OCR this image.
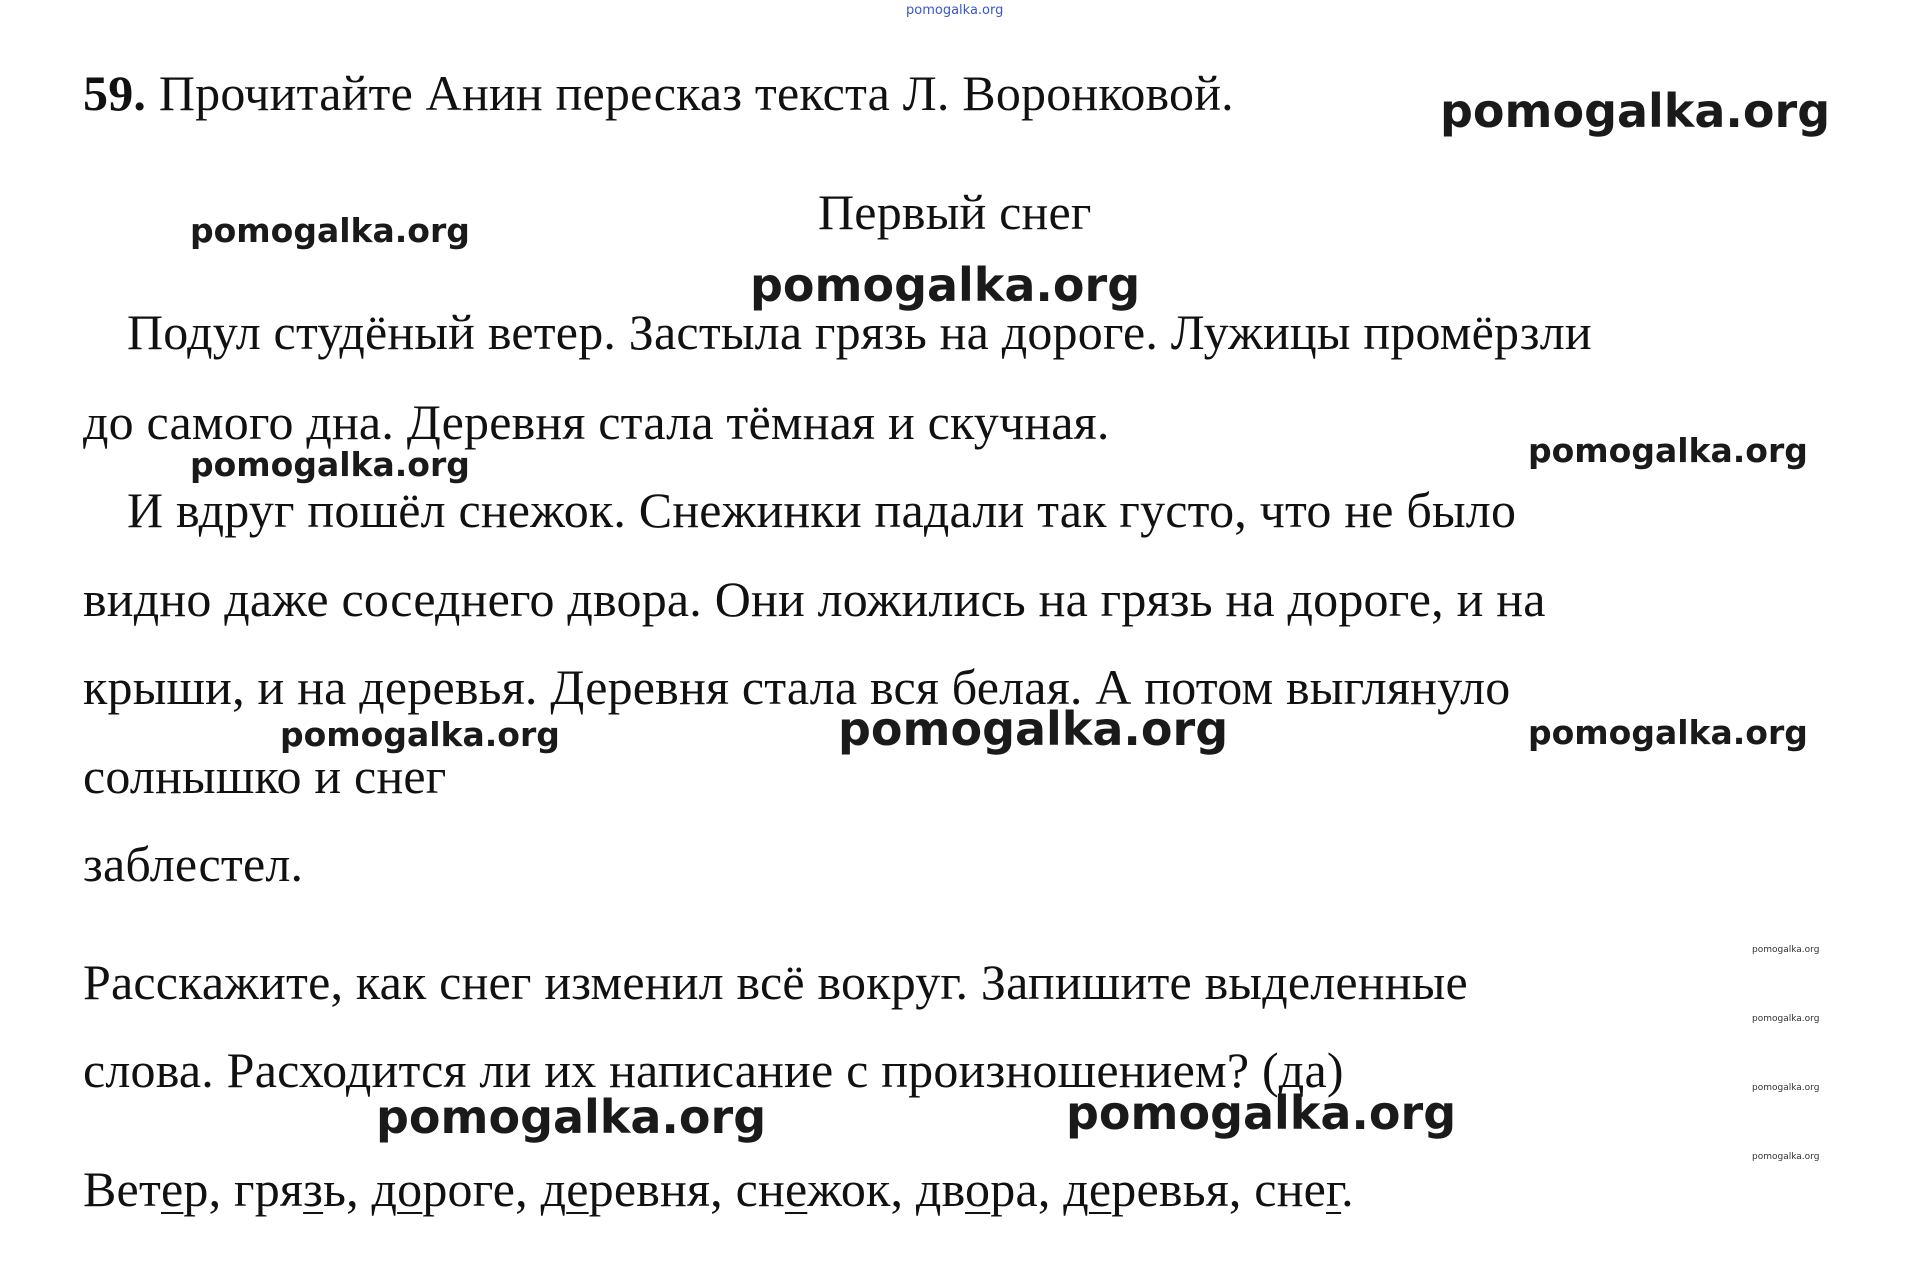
59. Прочитайте Анин пересказ текста Л. Воронковой.
Первый снег
Подул студёный ветер. Застыла грязь на дороге. Лужицы промёрзли
до самого дна. Деревня стала тёмная и скучная.
И вдруг пошёл снежок. Снежинки падали так густо, что не было
видно даже соседнего двора. Они ложились на грязь на дороге, и на
крыши, и на деревья. Деревня стала вся белая. А потом выглянуло
солнышко и снег
заблестел.
Расскажите, как снег изменил всё вокруг. Запишите выделенные
слова. Расходится ли их написание с произношением? (да)
Ветер, грязь, дороге, деревня, снежок, двора, деревья, снег.
pomogalka.org
pomogalka.org
pomogalka.org
pomogalka.org
pomogalka.org	pomogalka.org
pomogalka.org	pomogalka.org	pomogalka.org
pomogalka.org
pomogalka.org
pomogalka.org
pomogalka.org
pomogalka.org	pomogalka.org
